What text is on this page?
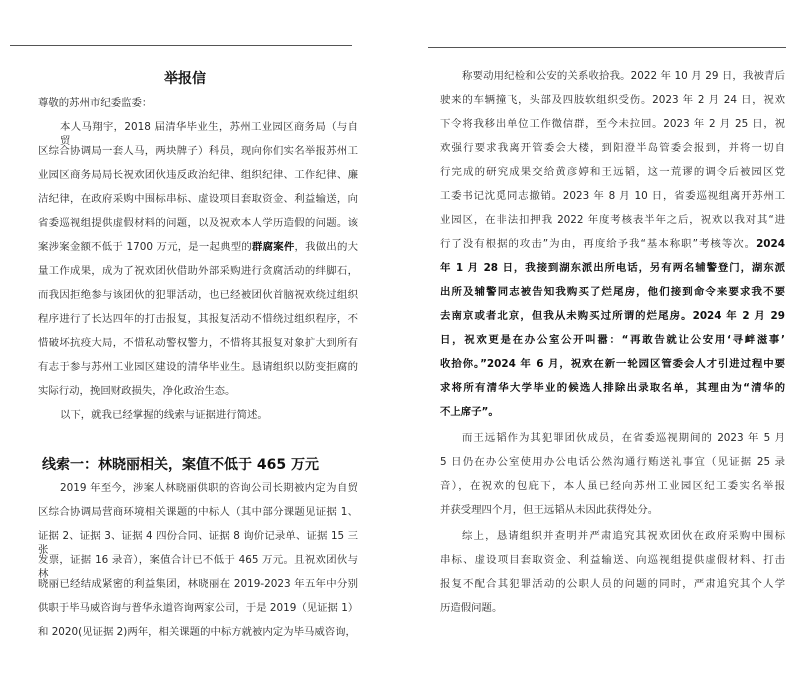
举报信
尊敬的苏州市纪委监委：
线索一：林晓丽相关，案值不低于 465 万元
本人马翔宇，2018 届清华毕业生，苏州工业园区商务局（与自贸
区综合协调局一套人马，两块牌子）科员，现向你们实名举报苏州工
业园区商务局局长祝欢团伙违反政治纪律、组织纪律、工作纪律、廉
洁纪律，在政府采购中围标串标、虚设项目套取资金、利益输送，向
省委巡视组提供虚假材料的问题，以及祝欢本人学历造假的问题。该
案涉案金额不低于 1700 万元，是一起典型的群腐案件，我做出的大
量工作成果，成为了祝欢团伙借助外部采购进行贪腐活动的绊脚石，
而我因拒绝参与该团伙的犯罪活动，也已经被团伙首脑祝欢绕过组织
程序进行了长达四年的打击报复，其报复活动不惜绕过组织程序，不
惜破坏抗疫大局，不惜私动警权警力，不惜将其报复对象扩大到所有
有志于参与苏州工业园区建设的清华毕业生。恳请组织以防变拒腐的
实际行动，挽回财政损失，净化政治生态。
以下，就我已经掌握的线索与证据进行简述。
2019 年至今，涉案人林晓丽供职的咨询公司长期被内定为自贸
区综合协调局营商环境相关课题的中标人（其中部分课题见证据 1、
证据 2、证据 3、证据 4 四份合同、证据 8 询价记录单、证据 15 三张
发票，证据 16 录音），案值合计已不低于 465 万元。且祝欢团伙与林
晓丽已经结成紧密的利益集团，林晓丽在 2019-2023 年五年中分别
供职于毕马威咨询与普华永道咨询两家公司，于是 2019（见证据 1）
和 2020(见证据 2)两年，相关课题的中标方就被内定为毕马威咨询，
称要动用纪检和公安的关系收拾我。2022 年 10 月 29 日，我被青后
驶来的车辆撞飞，头部及四肢软组织受伤。2023 年 2 月 24 日，祝欢
下令将我移出单位工作微信群，至今未拉回。2023 年 2 月 25 日，祝
欢强行要求我离开管委会大楼，到阳澄半岛管委会报到，并将一切自
行完成的研究成果交给黄彦婷和王远韬，这一荒谬的调令后被园区党
工委书记沈觅同志撤销。2023 年 8 月 10 日，省委巡视组离开苏州工
业园区，在非法扣押我 2022 年度考核表半年之后，祝欢以我对其“进
行了没有根据的攻击”为由，再度给予我“基本称职”考核等次。2024
年 1 月 28 日，我接到湖东派出所电话，另有两名辅警登门，湖东派
出所及辅警同志被告知我购买了烂尾房，他们接到命令来要求我不要
去南京或者北京，但我从未购买过所谓的烂尾房。2024 年 2 月 29
日，祝欢更是在办公室公开叫嚣：“再敢告就让公安用‘寻衅滋事’
收拾你。”2024 年 6 月，祝欢在新一轮园区管委会人才引进过程中要
求将所有清华大学毕业的候选人排除出录取名单，其理由为“清华的
不上席子”。
而王远韬作为其犯罪团伙成员，在省委巡视期间的 2023 年 5 月
5 日仍在办公室使用办公电话公然沟通行贿送礼事宜（见证据 25 录
音），在祝欢的包庇下，本人虽已经向苏州工业园区纪工委实名举报
并获受理四个月，但王远韬从未因此获得处分。
综上，恳请组织并查明并严肃追究其祝欢团伙在政府采购中围标
串标、虚设项目套取资金、利益输送、向巡视组提供虚假材料、打击
报复不配合其犯罪活动的公职人员的问题的同时，严肃追究其个人学
历造假问题。
